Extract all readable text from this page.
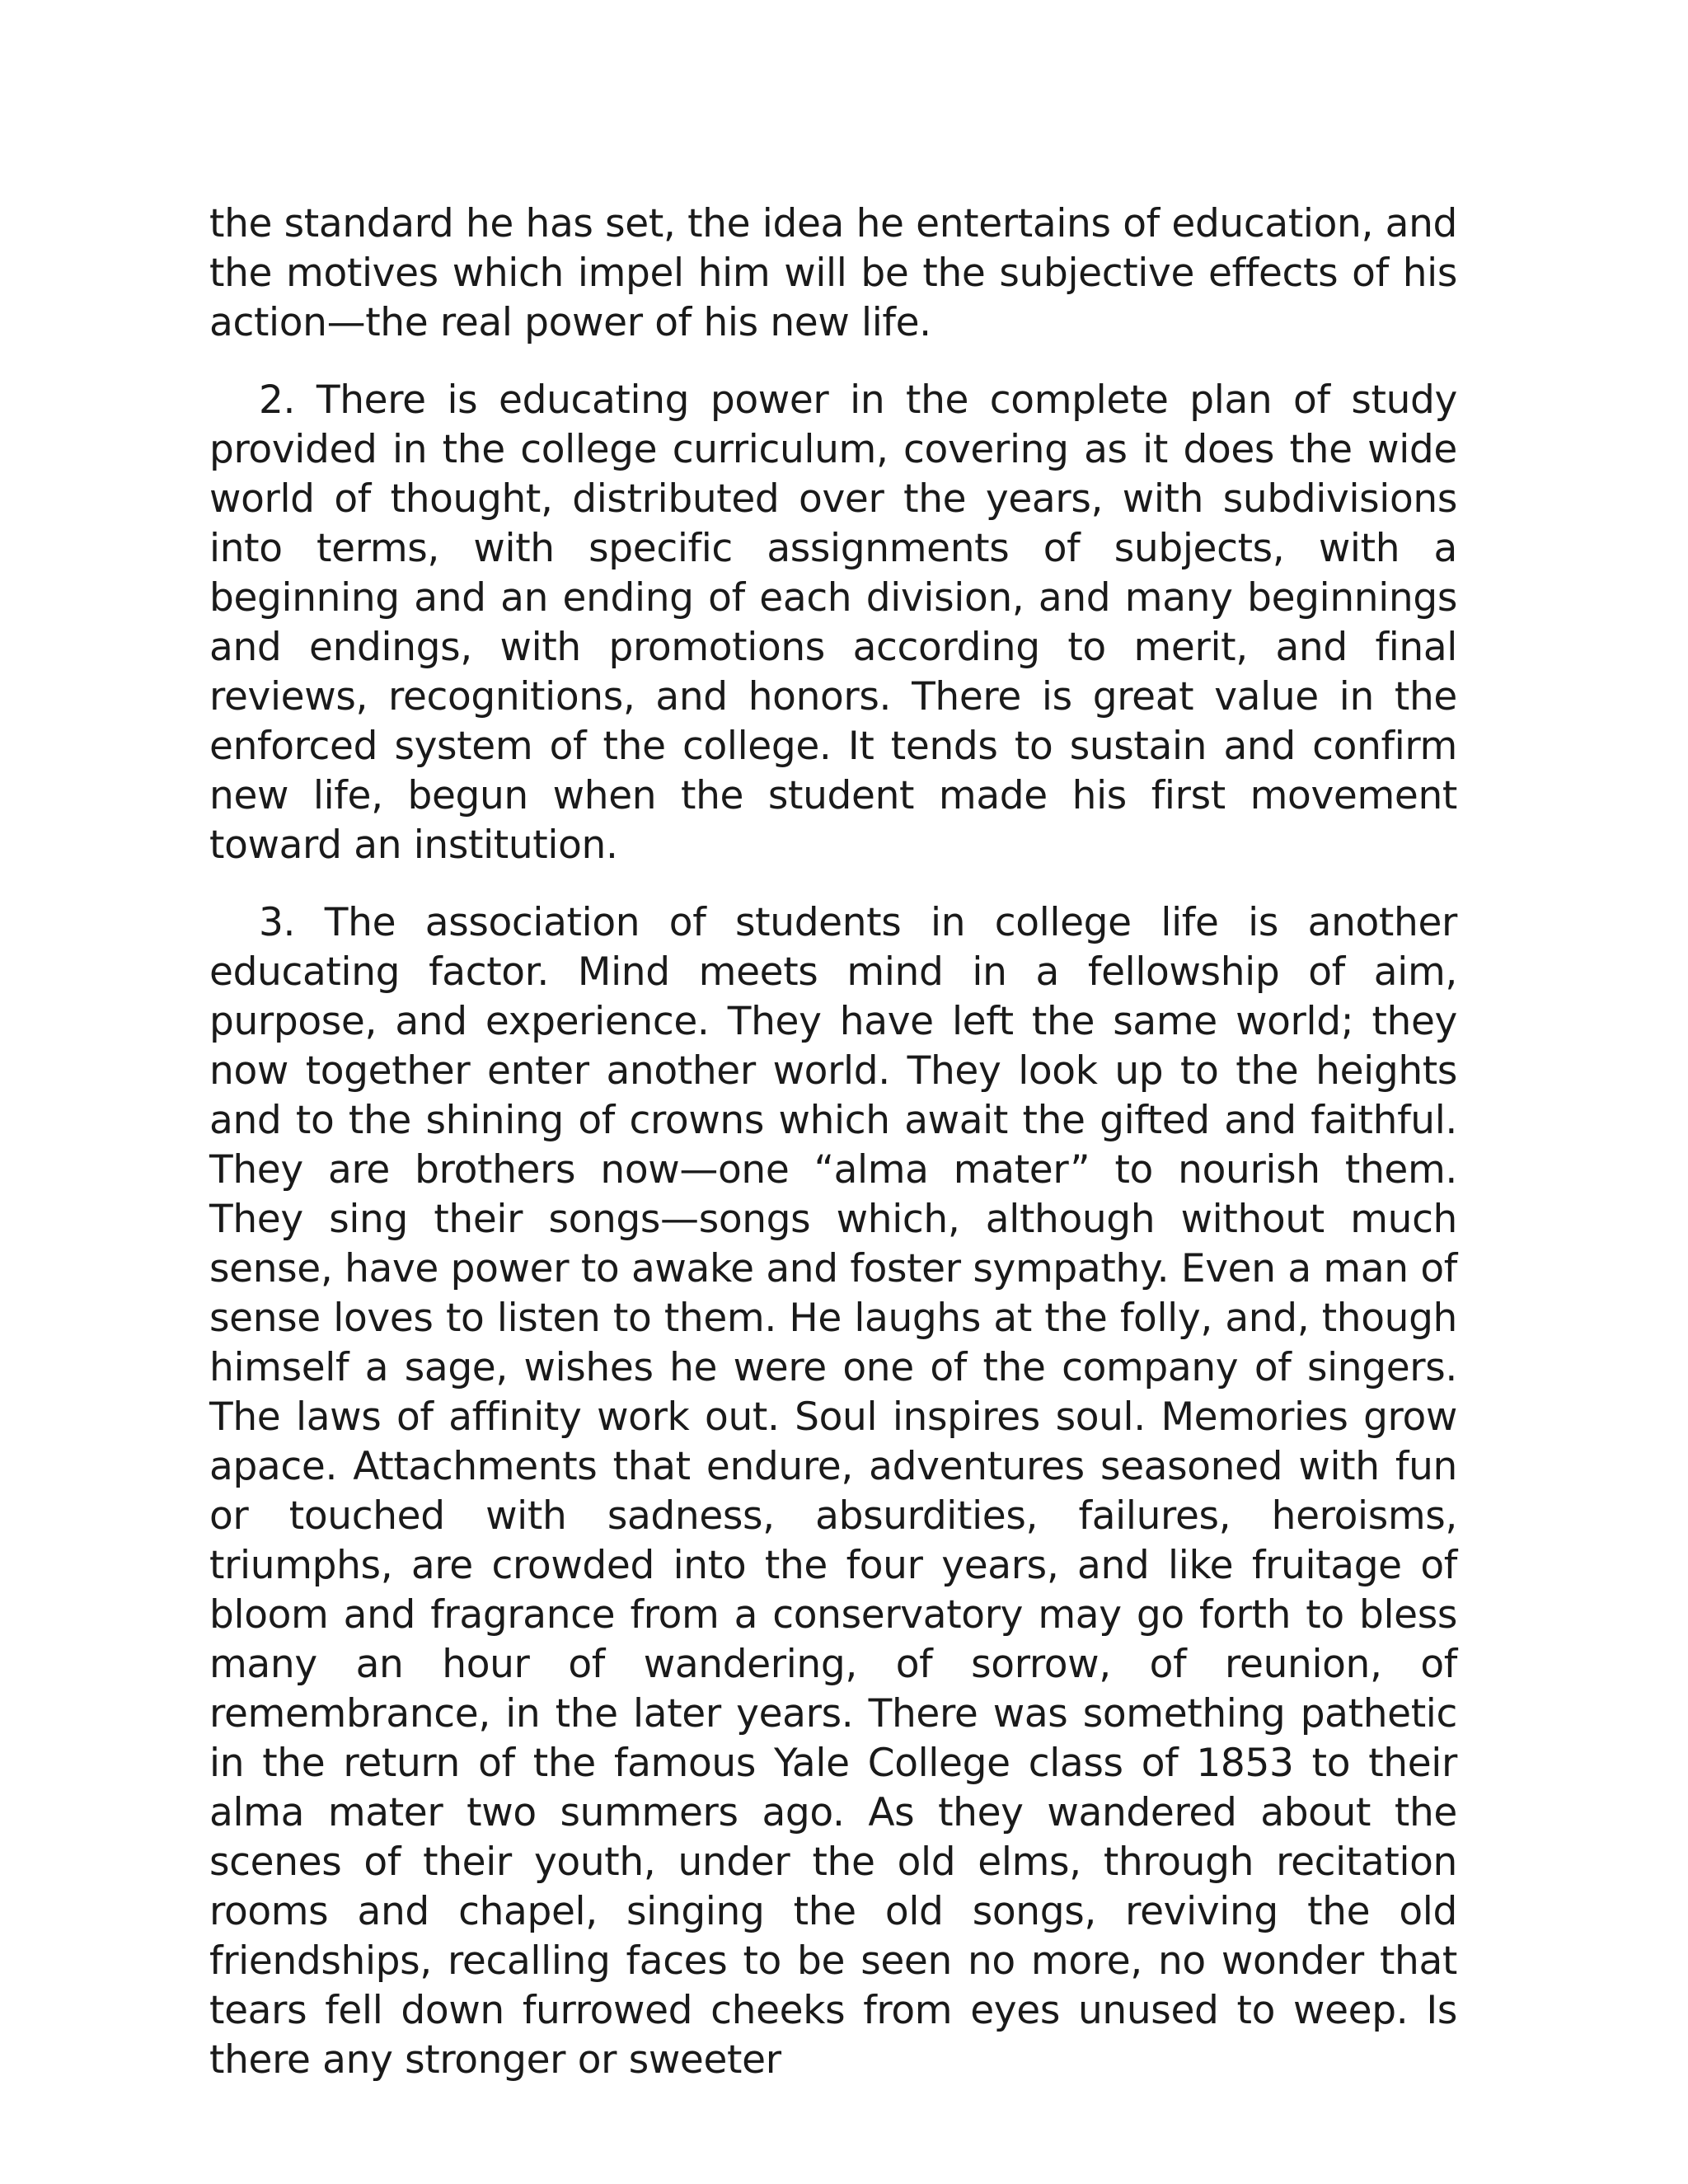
the standard he has set, the idea he entertains of education, and the motives which impel him will be the subjective effects of his action—the real power of his new life.

2. There is educating power in the complete plan of study provided in the college curriculum, covering as it does the wide world of thought, distributed over the years, with subdivisions into terms, with specific assignments of subjects, with a beginning and an ending of each division, and many beginnings and endings, with promotions according to merit, and final reviews, recognitions, and honors. There is great value in the enforced system of the college. It tends to sustain and confirm new life, begun when the student made his first movement toward an institution.

3. The association of students in college life is another educating factor. Mind meets mind in a fellowship of aim, purpose, and experience. They have left the same world; they now together enter another world. They look up to the heights and to the shining of crowns which await the gifted and faithful. They are brothers now—one “alma mater” to nourish them. They sing their songs—songs which, although without much sense, have power to awake and foster sympathy. Even a man of sense loves to listen to them. He laughs at the folly, and, though himself a sage, wishes he were one of the company of singers. The laws of affinity work out. Soul inspires soul. Memories grow apace. Attachments that endure, adventures seasoned with fun or touched with sadness, absurdities, failures, heroisms, triumphs, are crowded into the four years, and like fruitage of bloom and fragrance from a conservatory may go forth to bless many an hour of wandering, of sorrow, of reunion, of remembrance, in the later years. There was something pathetic in the return of the famous Yale College class of 1853 to their alma mater two summers ago. As they wandered about the scenes of their youth, under the old elms, through recitation rooms and chapel, singing the old songs, reviving the old friendships, recalling faces to be seen no more, no wonder that tears fell down furrowed cheeks from eyes unused to weep. Is there any stronger or sweeter
